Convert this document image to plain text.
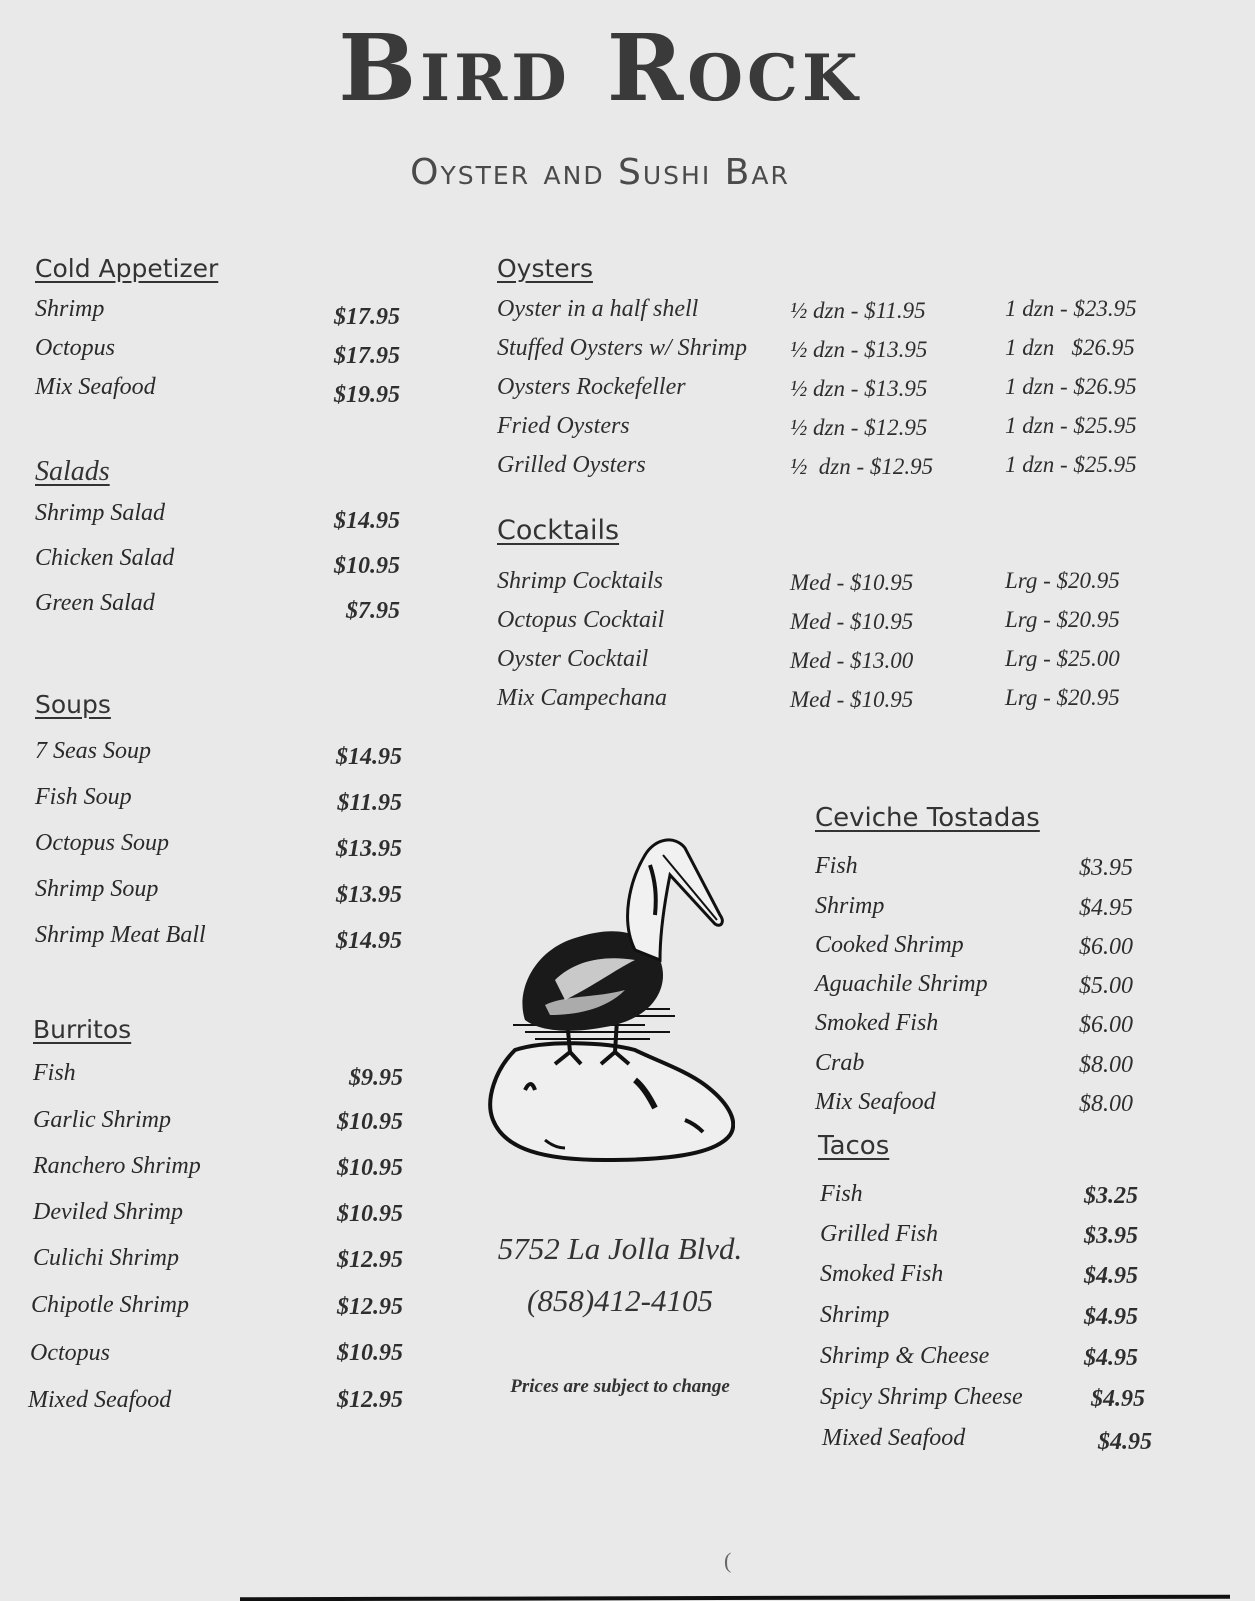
Bird Rock
Oyster and Sushi Bar
Cold Appetizer
Shrimp	$17.95
Octopus	$17.95
Mix Seafood	$19.95
Salads
Shrimp Salad	$14.95
Chicken Salad	$10.95
Green Salad	$7.95
Soups
7 Seas Soup	$14.95
Fish Soup	$11.95
Octopus Soup	$13.95
Shrimp Soup	$13.95
Shrimp Meat Ball	$14.95
Burritos
Fish	$9.95
Garlic Shrimp	$10.95
Ranchero Shrimp	$10.95
Deviled Shrimp	$10.95
Culichi Shrimp	$12.95
Chipotle Shrimp	$12.95
Octopus	$10.95
Mixed Seafood	$12.95
Oysters
Oyster in a half shell	½ dzn - $11.95	1 dzn - $23.95
Stuffed Oysters w/ Shrimp ½ dzn - $13.95	1 dzn   $26.95
Oysters Rockefeller	½ dzn - $13.95	1 dzn - $26.95
Fried Oysters	½ dzn - $12.95	1 dzn - $25.95
Grilled Oysters	½  dzn - $12.95	1 dzn - $25.95
Cocktails
Shrimp Cocktails	Med - $10.95	Lrg - $20.95
Octopus Cocktail	Med - $10.95	Lrg - $20.95
Oyster Cocktail	Med - $13.00	Lrg - $25.00
Mix Campechana	Med - $10.95	Lrg - $20.95
Ceviche Tostadas
Fish	$3.95
Shrimp	$4.95
Cooked Shrimp	$6.00
Aguachile Shrimp	$5.00
Smoked Fish	$6.00
Crab	$8.00
Mix Seafood	$8.00
Tacos
Fish	$3.25
Grilled Fish	$3.95
Smoked Fish	$4.95
Shrimp	$4.95
Shrimp & Cheese	$4.95
Spicy Shrimp Cheese	$4.95
Mixed Seafood	$4.95
5752 La Jolla Blvd.
(858)412-4105
Prices are subject to change
(
